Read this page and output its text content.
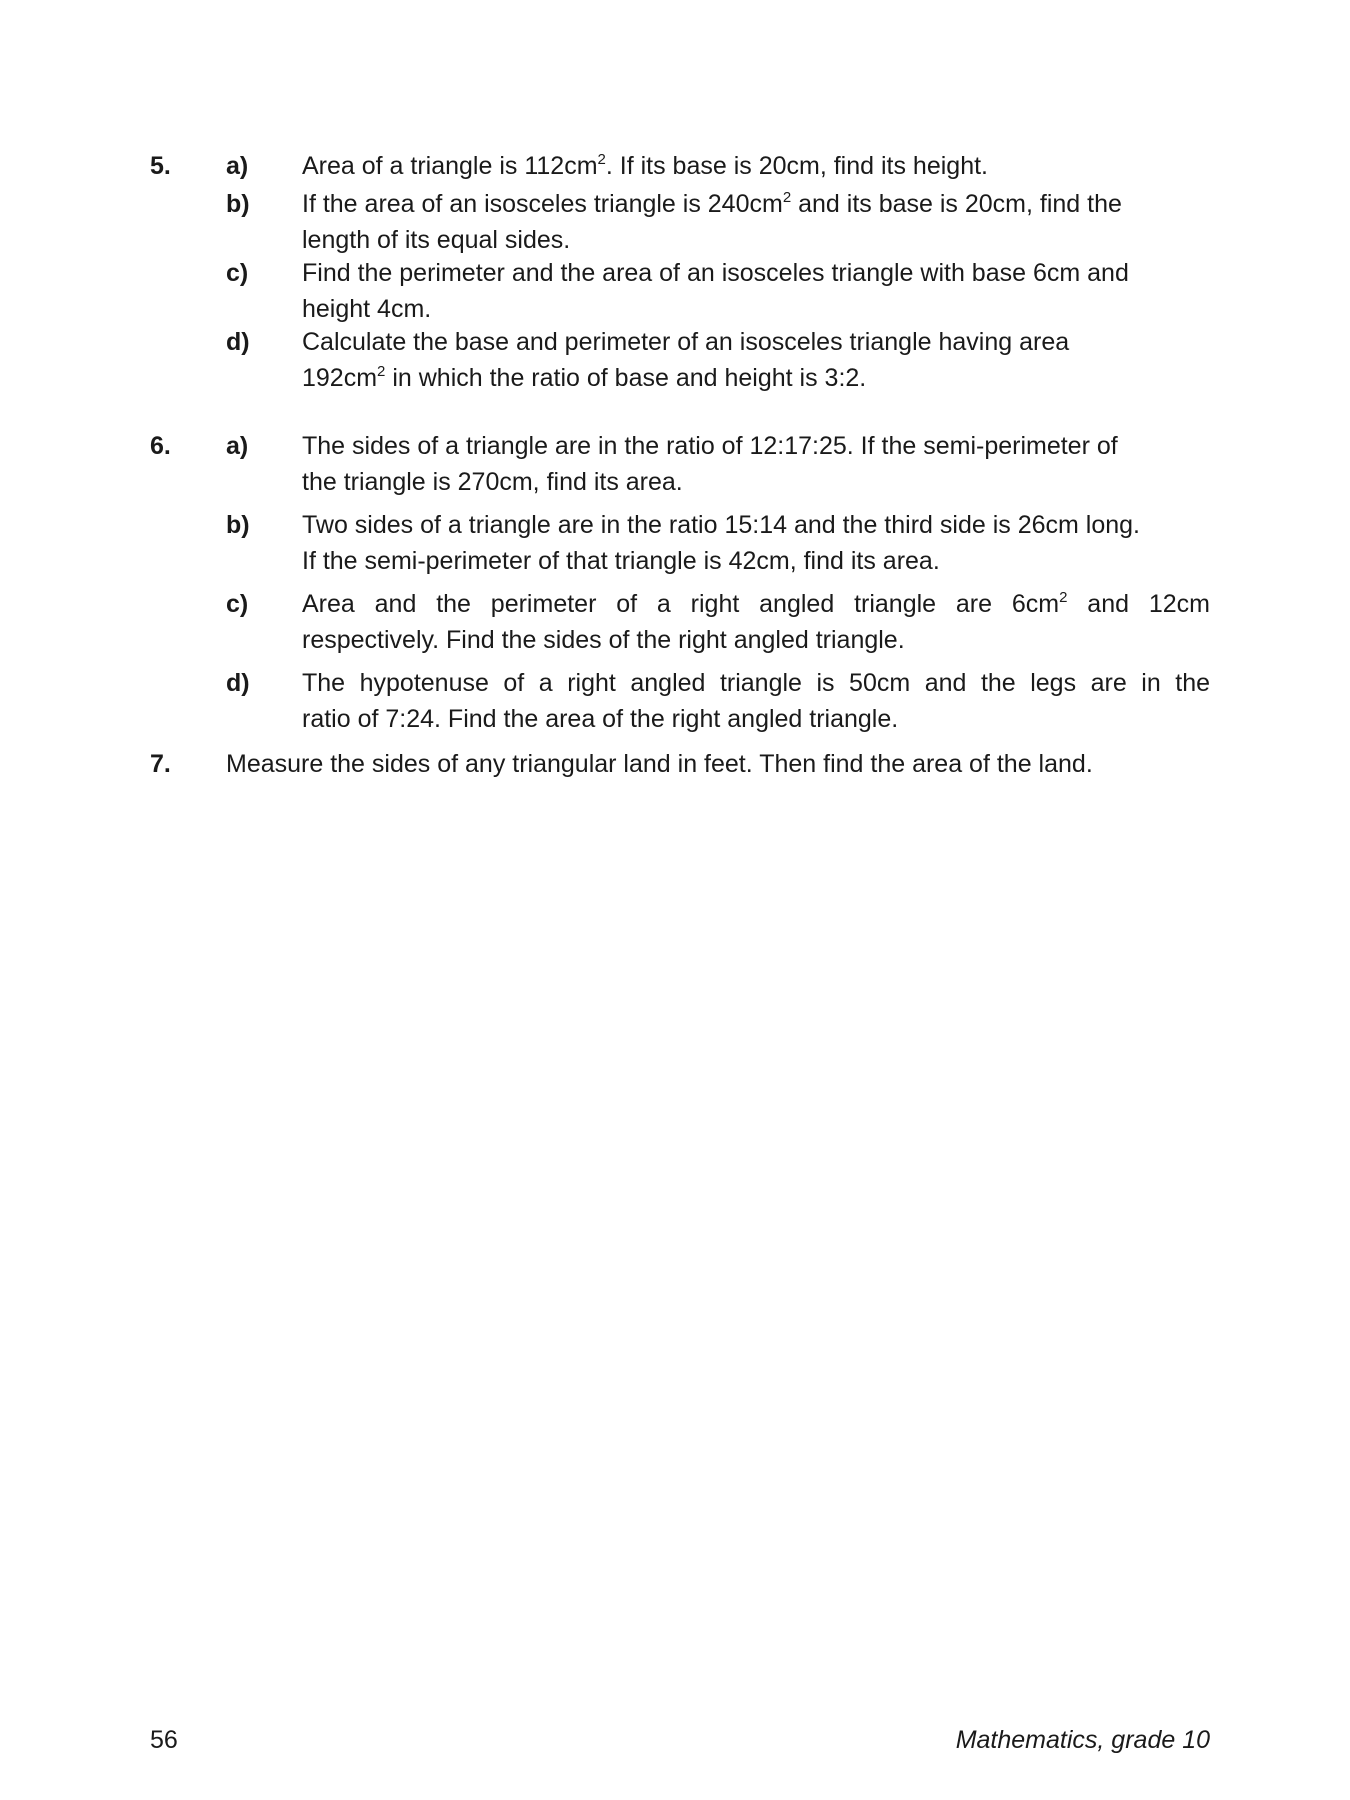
5. a) Area of a triangle is $112cm^2$. If its base is 20cm, find its height.
b) If the area of an isosceles triangle is $240cm^2$ and its base is 20cm, find the
length of its equal sides.
c) Find the perimeter and the area of an isosceles triangle with base 6cm and
height 4cm.
d) Calculate the base and perimeter of an isosceles triangle having area
$192cm^2$ in which the ratio of base and height is 3:2.
6. a) The sides of a triangle are in the ratio of 12:17:25. If the semi-perimeter of
the triangle is 270cm, find its area.
b) Two sides of a triangle are in the ratio 15:14 and the third side is 26cm long.
If the semi-perimeter of that triangle is 42cm, find its area.
c) Area and the perimeter of a right angled triangle are $6cm^2$ and 12cm
respectively. Find the sides of the right angled triangle.
d) The hypotenuse of a right angled triangle is 50cm and the legs are in the
ratio of 7:24. Find the area of the right angled triangle.
7. Measure the sides of any triangular land in feet. Then find the area of the land.
56	Mathematics, grade 10
